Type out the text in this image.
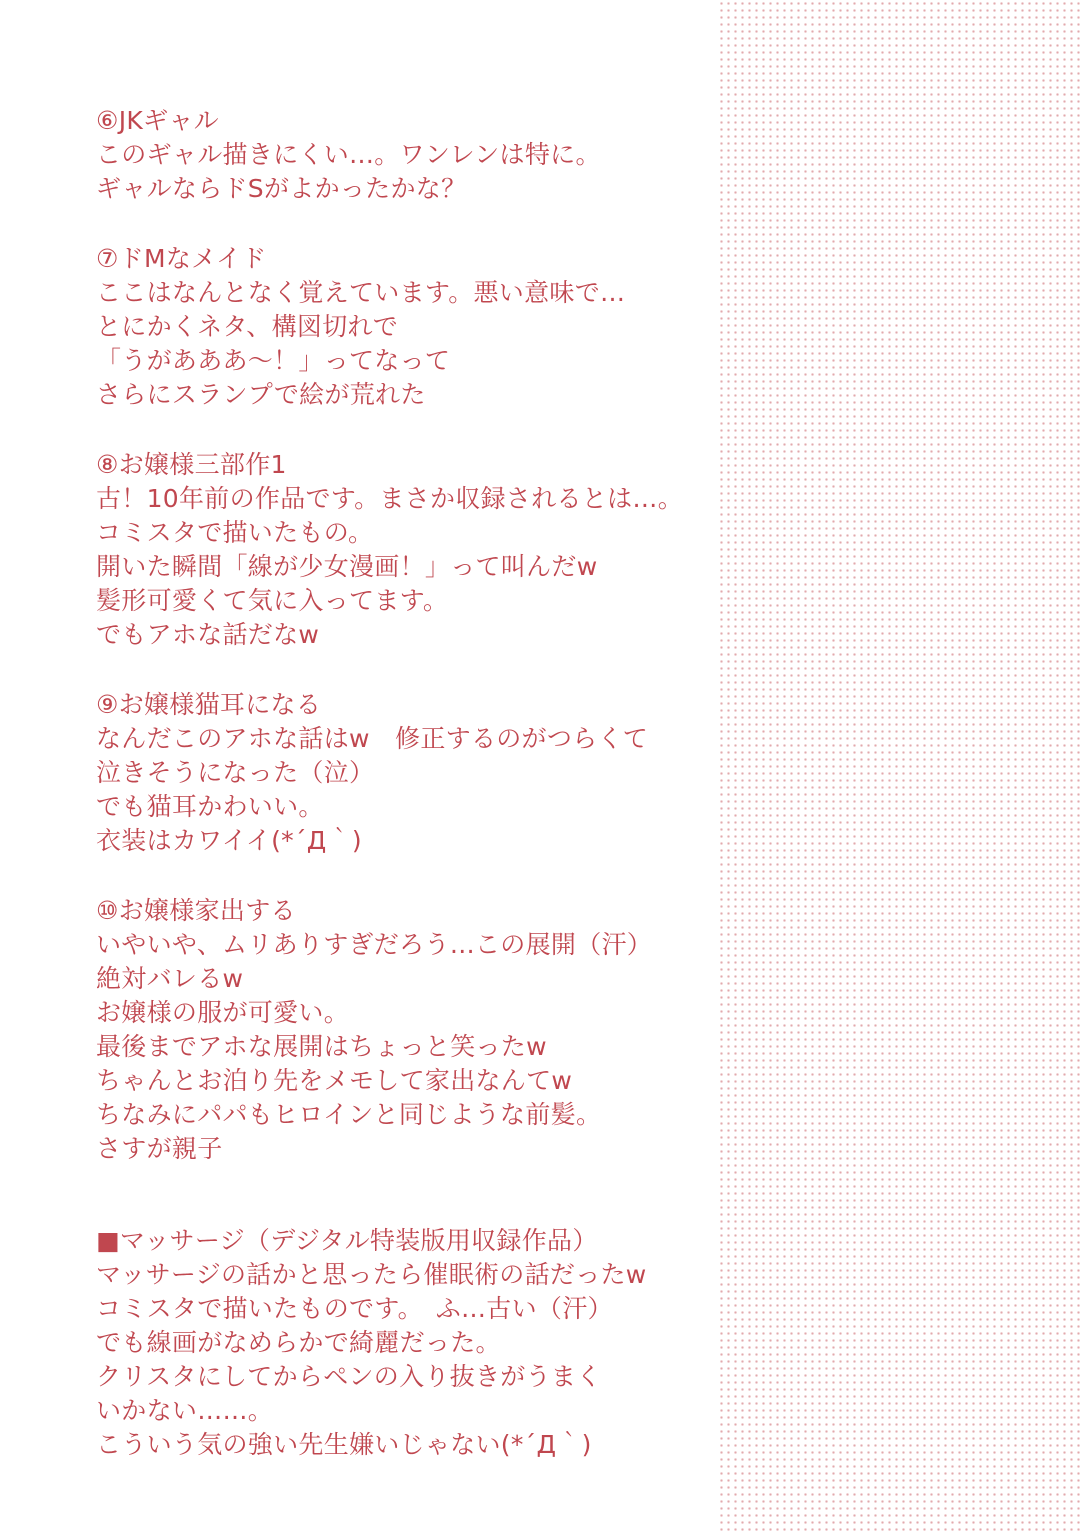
⑥JKギャル
このギャル描きにくい…。ワンレンは特に。
ギャルならドSがよかったかな？
⑦ドMなメイド
ここはなんとなく覚えています。悪い意味で…
とにかくネタ、構図切れで
「うがあああ～！」ってなって
さらにスランプで絵が荒れた
⑧お嬢様三部作1
古！10年前の作品です。まさか収録されるとは…。
コミスタで描いたもの。
開いた瞬間「線が少女漫画！」って叫んだw
髪形可愛くて気に入ってます。
でもアホな話だなw
⑨お嬢様猫耳になる
なんだこのアホな話はw　修正するのがつらくて
泣きそうになった（泣）
でも猫耳かわいい。
衣装はカワイイ(*´Д｀)
⑩お嬢様家出する
いやいや、ムリありすぎだろう…この展開（汗）
絶対バレるw
お嬢様の服が可愛い。
最後までアホな展開はちょっと笑ったw
ちゃんとお泊り先をメモして家出なんてw
ちなみにパパもヒロインと同じような前髪。
さすが親子
■マッサージ（デジタル特装版用収録作品）
マッサージの話かと思ったら催眠術の話だったw
コミスタで描いたものです。　ふ…古い（汗）
でも線画がなめらかで綺麗だった。
クリスタにしてからペンの入り抜きがうまく
いかない……。
こういう気の強い先生嫌いじゃない(*´Д｀)
